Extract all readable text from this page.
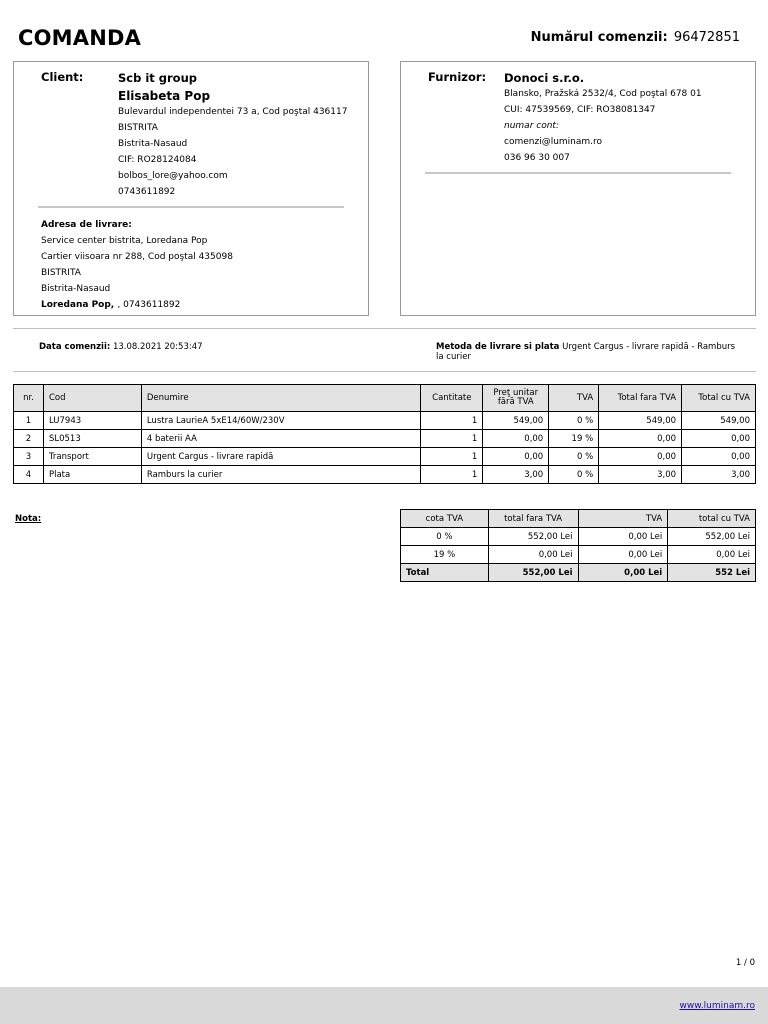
COMANDA	Numărul comenzii: 96472851
Client:	Scb it group
Elisabeta Pop
Bulevardul independentei 73 a, Cod poştal 436117
BISTRITA
Bistrita-Nasaud
CIF: RO28124084
bolbos_lore@yahoo.com
0743611892
Adresa de livrare:
Service center bistrita, Loredana Pop
Cartier viisoara nr 288, Cod poştal 435098
BISTRITA
Bistrita-Nasaud
Loredana Pop, , 0743611892
Furnizor: Donoci s.r.o.
Blansko, Pražská 2532/4, Cod poştal 678 01
CUI: 47539569, CIF: RO38081347
numar cont:
comenzi@luminam.ro
036 96 30 007
Data comenzii: 13.08.2021 20:53:47	Metoda de livrare si plata Urgent Cargus - livrare rapidă - Ramburs la curier
nr.	Cod	Denumire	Cantitate	Preţ unitar fără TVA	TVA	Total fara TVA	Total cu TVA
1	LU7943	Lustra LaurieA 5xE14/60W/230V	1	549,00	0 %	549,00	549,00
2	SL0513	4 baterii AA	1	0,00	19 %	0,00	0,00
3	Transport	Urgent Cargus - livrare rapidă	1	0,00	0 %	0,00	0,00
4	Plata	Ramburs la curier	1	3,00	0 %	3,00	3,00
Nota:	cota TVA	total fara TVA	TVA	total cu TVA
0 %	552,00 Lei	0,00 Lei	552,00 Lei
19 %	0,00 Lei	0,00 Lei	0,00 Lei
Total	552,00 Lei	0,00 Lei	552 Lei
1 / 0
www.luminam.ro
